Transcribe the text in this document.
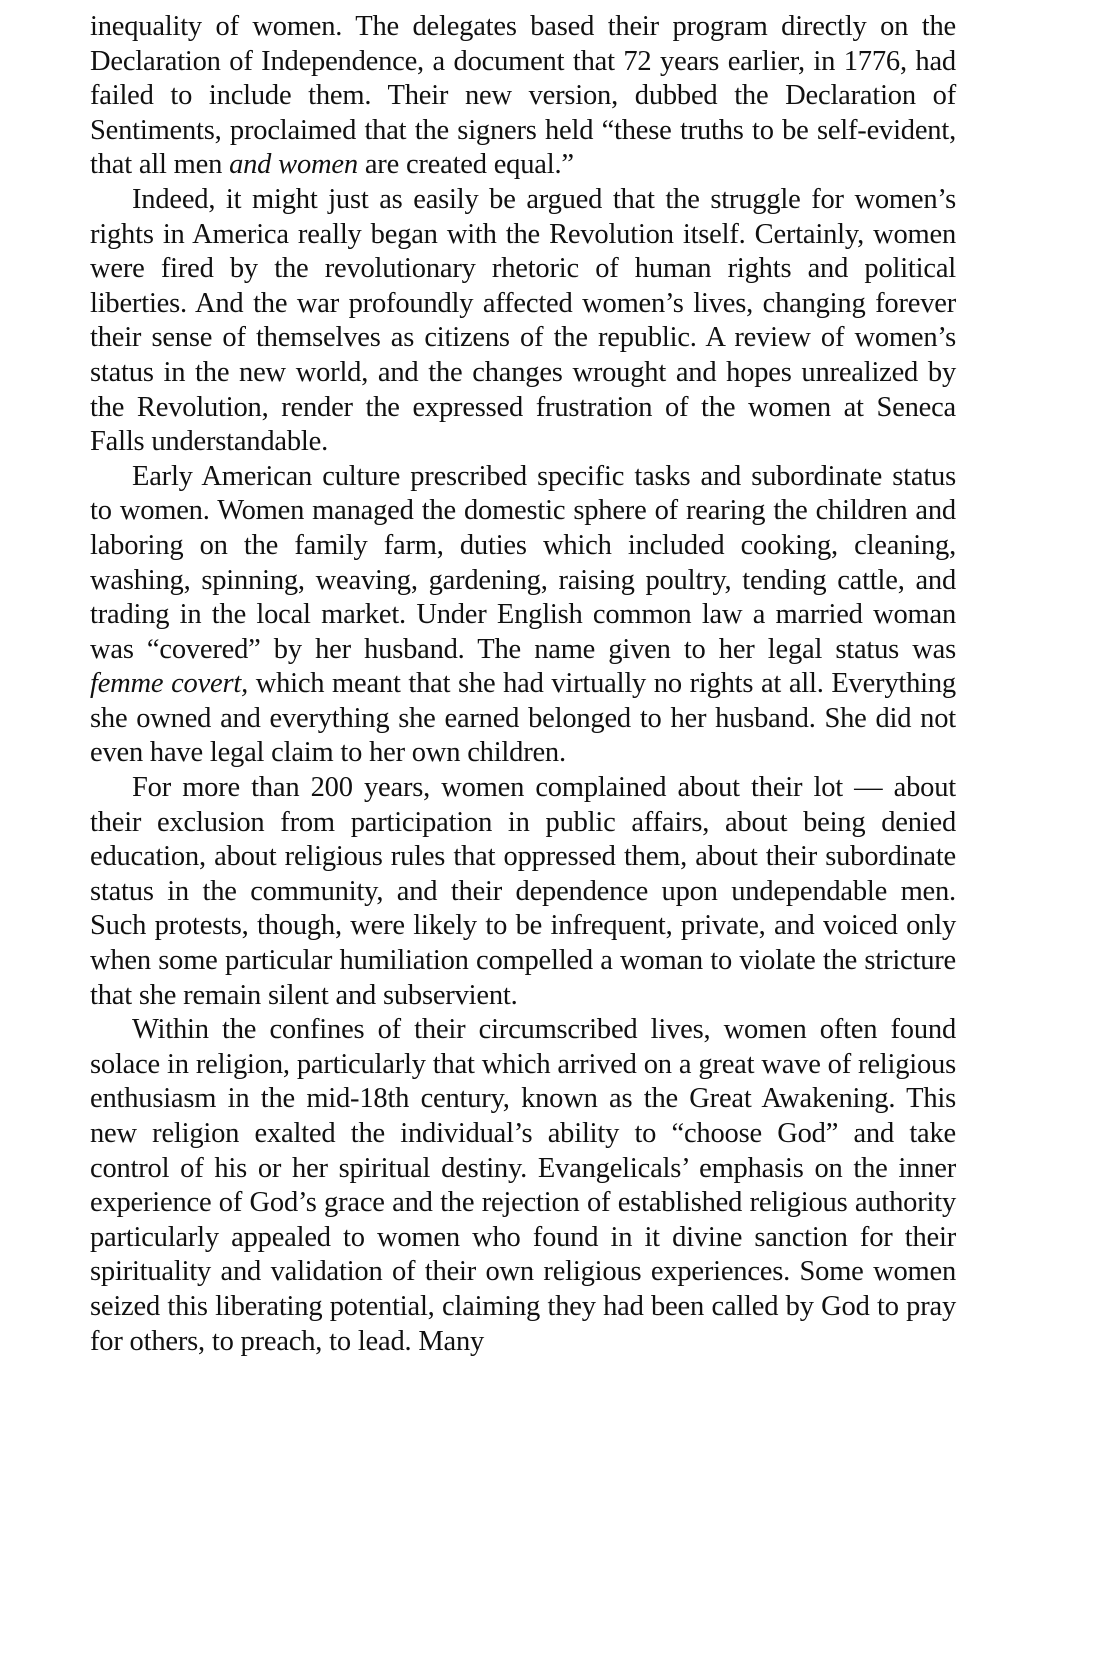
inequality of women. The delegates based their program directly on the Declaration of Independence, a document that 72 years earlier, in 1776, had failed to include them. Their new version, dubbed the Declaration of Sentiments, proclaimed that the signers held “these truths to be self-evident, that all men and women are created equal.”

Indeed, it might just as easily be argued that the struggle for women’s rights in America really began with the Revolution itself. Certainly, women were fired by the revolutionary rhetoric of human rights and political liberties. And the war profoundly affected women’s lives, changing forever their sense of themselves as citizens of the republic. A review of women’s status in the new world, and the changes wrought and hopes unrealized by the Revolution, render the expressed frustration of the women at Seneca Falls understandable.

Early American culture prescribed specific tasks and subordinate status to women. Women managed the domestic sphere of rearing the children and laboring on the family farm, duties which included cooking, cleaning, washing, spinning, weaving, gardening, raising poultry, tending cattle, and trading in the local market. Under English common law a married woman was “covered” by her husband. The name given to her legal status was femme covert, which meant that she had virtually no rights at all. Everything she owned and everything she earned belonged to her husband. She did not even have legal claim to her own children.

For more than 200 years, women complained about their lot — about their exclusion from participation in public affairs, about being denied education, about religious rules that oppressed them, about their subordinate status in the community, and their dependence upon undependable men. Such protests, though, were likely to be infrequent, private, and voiced only when some particular humiliation compelled a woman to violate the stricture that she remain silent and subservient.

Within the confines of their circumscribed lives, women often found solace in religion, particularly that which arrived on a great wave of religious enthusiasm in the mid-18th century, known as the Great Awakening. This new religion exalted the individual’s ability to “choose God” and take control of his or her spiritual destiny. Evangelicals’ emphasis on the inner experience of God’s grace and the rejection of established religious authority particularly appealed to women who found in it divine sanction for their spirituality and validation of their own religious experiences. Some women seized this liberating potential, claiming they had been called by God to pray for others, to preach, to lead. Many
